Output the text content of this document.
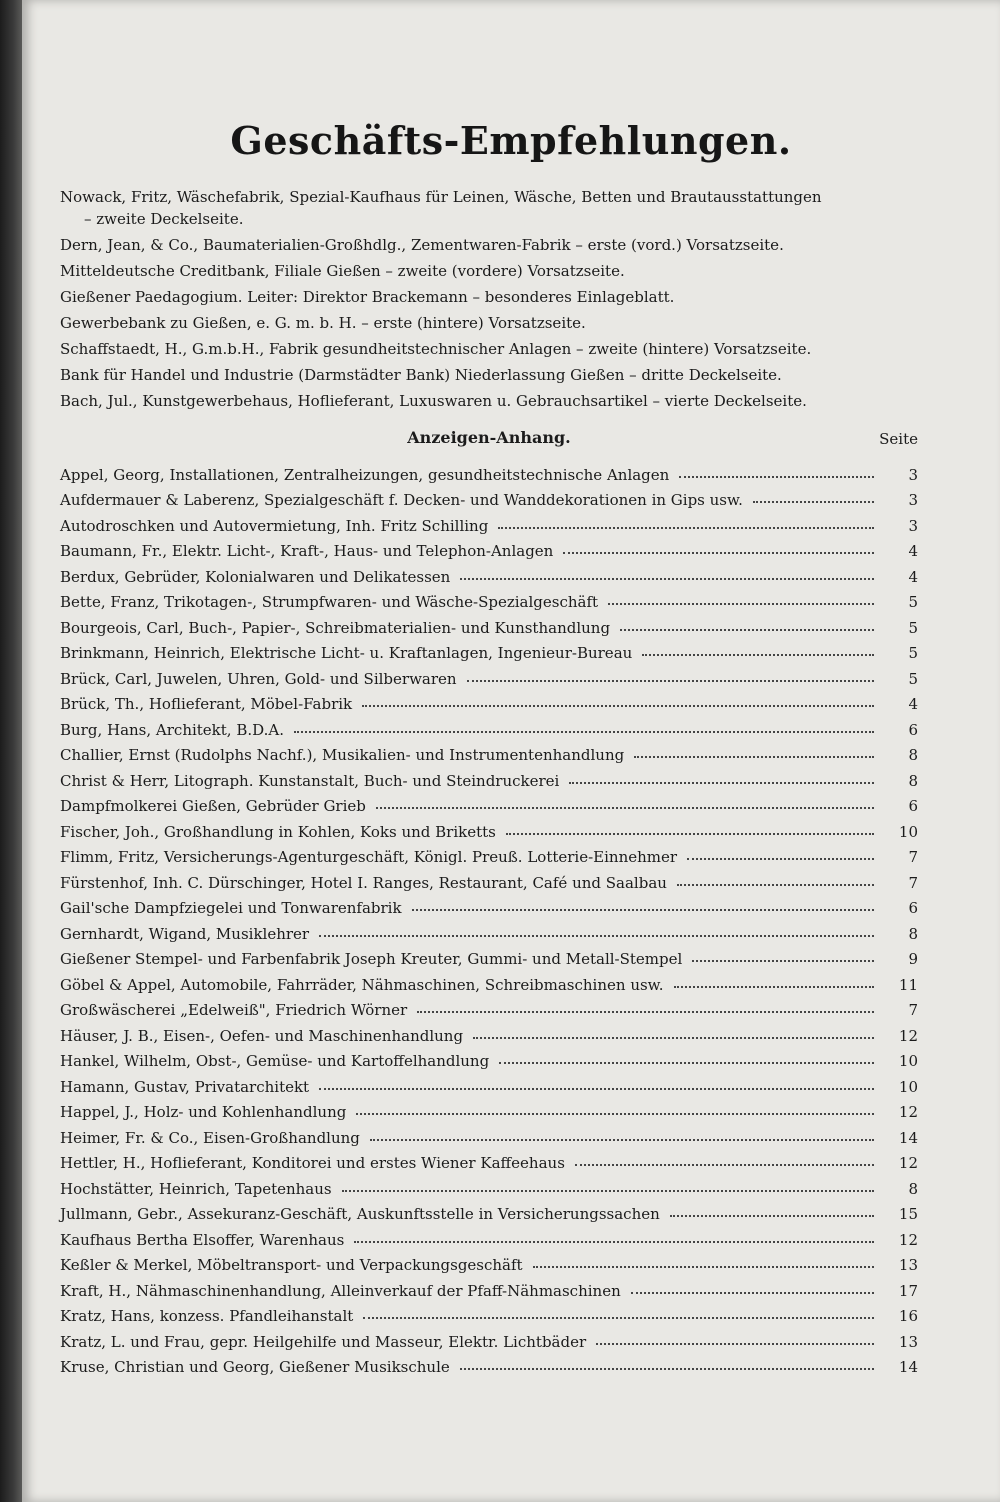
Geschäfts-Empfehlungen.
Nowack, Fritz, Wäschefabrik, Spezial-Kaufhaus für Leinen, Wäsche, Betten und Brautausstattungen
– zweite Deckelseite.
Dern, Jean, & Co., Baumaterialien-Großhdlg., Zementwaren-Fabrik – erste (vord.) Vorsatzseite.
Mitteldeutsche Creditbank, Filiale Gießen – zweite (vordere) Vorsatzseite.
Gießener Paedagogium. Leiter: Direktor Brackemann – besonderes Einlageblatt.
Gewerbebank zu Gießen, e. G. m. b. H. – erste (hintere) Vorsatzseite.
Schaffstaedt, H., G.m.b.H., Fabrik gesundheitstechnischer Anlagen – zweite (hintere) Vorsatzseite.
Bank für Handel und Industrie (Darmstädter Bank) Niederlassung Gießen – dritte Deckelseite.
Bach, Jul., Kunstgewerbehaus, Hoflieferant, Luxuswaren u. Gebrauchsartikel – vierte Deckelseite.
Anzeigen-Anhang.	Seite
Appel, Georg, Installationen, Zentralheizungen, gesundheitstechnische Anlagen	3
Aufdermauer & Laberenz, Spezialgeschäft f. Decken- und Wanddekorationen in Gips usw.	3
Autodroschken und Autovermietung, Inh. Fritz Schilling	3
Baumann, Fr., Elektr. Licht-, Kraft-, Haus- und Telephon-Anlagen	4
Berdux, Gebrüder, Kolonialwaren und Delikatessen	4
Bette, Franz, Trikotagen-, Strumpfwaren- und Wäsche-Spezialgeschäft	5
Bourgeois, Carl, Buch-, Papier-, Schreibmaterialien- und Kunsthandlung	5
Brinkmann, Heinrich, Elektrische Licht- u. Kraftanlagen, Ingenieur-Bureau	5
Brück, Carl, Juwelen, Uhren, Gold- und Silberwaren	5
Brück, Th., Hoflieferant, Möbel-Fabrik	4
Burg, Hans, Architekt, B.D.A.	6
Challier, Ernst (Rudolphs Nachf.), Musikalien- und Instrumentenhandlung	8
Christ & Herr, Litograph. Kunstanstalt, Buch- und Steindruckerei	8
Dampfmolkerei Gießen, Gebrüder Grieb	6
Fischer, Joh., Großhandlung in Kohlen, Koks und Briketts	10
Flimm, Fritz, Versicherungs-Agenturgeschäft, Königl. Preuß. Lotterie-Einnehmer	7
Fürstenhof, Inh. C. Dürschinger, Hotel I. Ranges, Restaurant, Café und Saalbau	7
Gail'sche Dampfziegelei und Tonwarenfabrik	6
Gernhardt, Wigand, Musiklehrer	8
Gießener Stempel- und Farbenfabrik Joseph Kreuter, Gummi- und Metall-Stempel	9
Göbel & Appel, Automobile, Fahrräder, Nähmaschinen, Schreibmaschinen usw.	11
Großwäscherei „Edelweiß", Friedrich Wörner	7
Häuser, J. B., Eisen-, Oefen- und Maschinenhandlung	12
Hankel, Wilhelm, Obst-, Gemüse- und Kartoffelhandlung	10
Hamann, Gustav, Privatarchitekt	10
Happel, J., Holz- und Kohlenhandlung	12
Heimer, Fr. & Co., Eisen-Großhandlung	14
Hettler, H., Hoflieferant, Konditorei und erstes Wiener Kaffeehaus	12
Hochstätter, Heinrich, Tapetenhaus	8
Jullmann, Gebr., Assekuranz-Geschäft, Auskunftsstelle in Versicherungssachen	15
Kaufhaus Bertha Elsoffer, Warenhaus	12
Keßler & Merkel, Möbeltransport- und Verpackungsgeschäft	13
Kraft, H., Nähmaschinenhandlung, Alleinverkauf der Pfaff-Nähmaschinen	17
Kratz, Hans, konzess. Pfandleihanstalt	16
Kratz, L. und Frau, gepr. Heilgehilfe und Masseur, Elektr. Lichtbäder	13
Kruse, Christian und Georg, Gießener Musikschule	14
